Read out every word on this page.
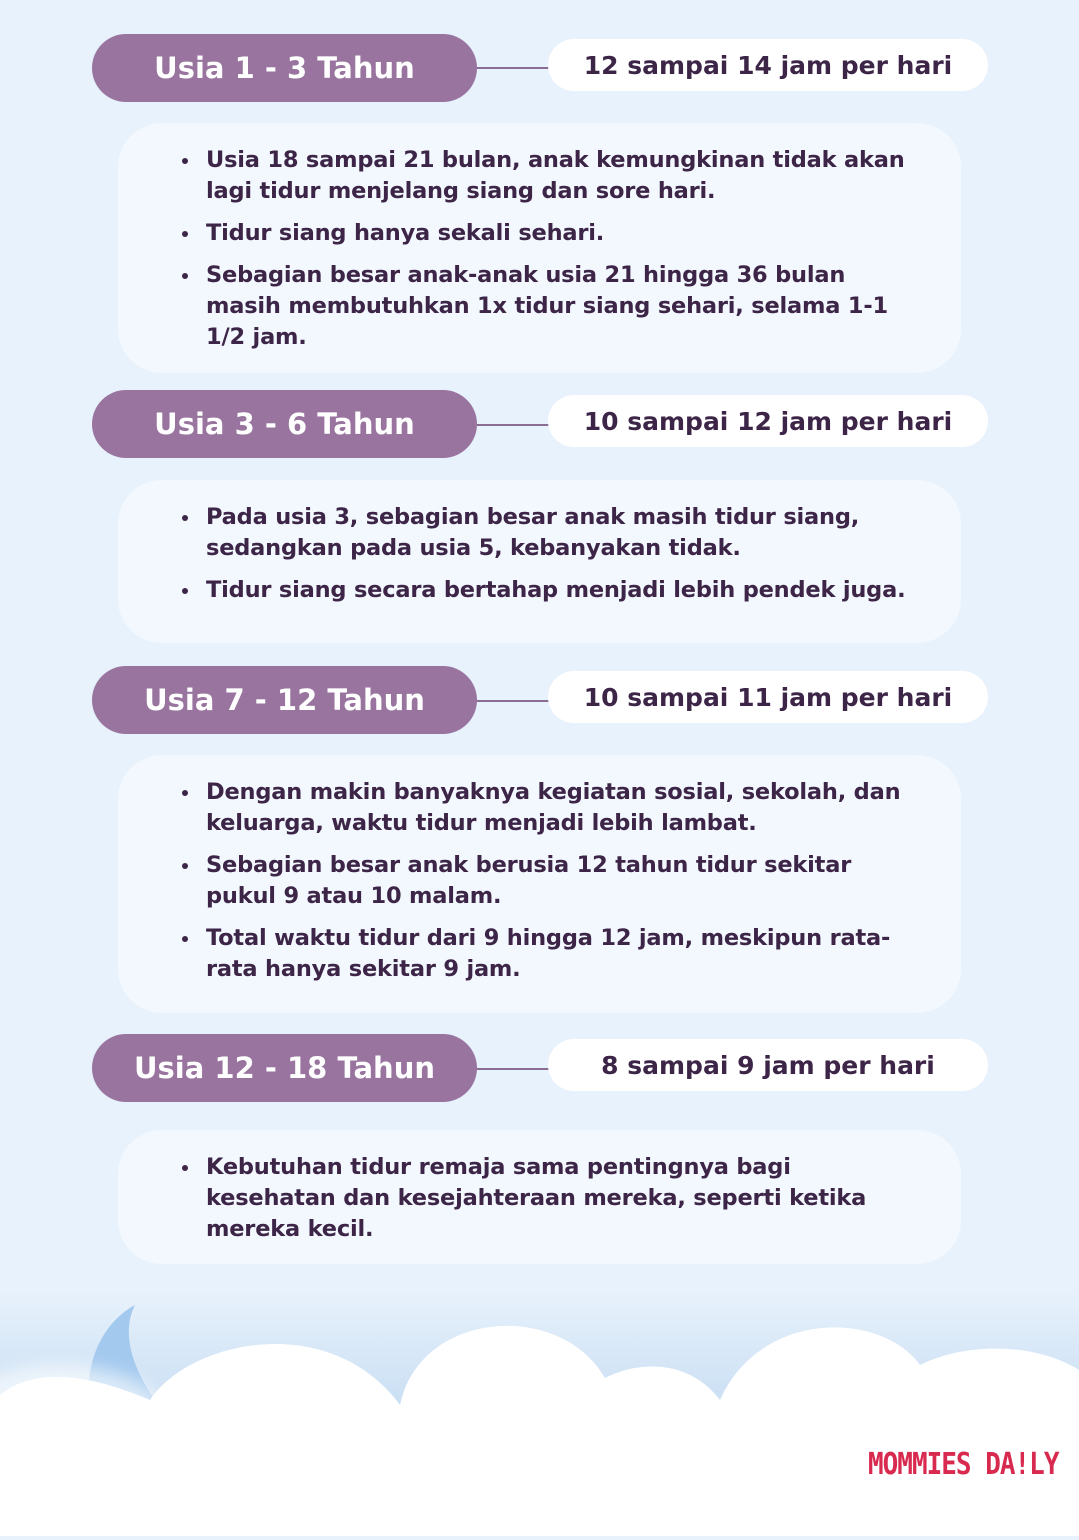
Usia 1 - 3 Tahun	12 sampai 14 jam per hari
Usia 18 sampai 21 bulan, anak kemungkinan tidak akan lagi tidur menjelang siang dan sore hari.
Tidur siang hanya sekali sehari.
Sebagian besar anak-anak usia 21 hingga 36 bulan masih membutuhkan 1x tidur siang sehari, selama 1-1 1/2 jam.
Usia 3 - 6 Tahun	10 sampai 12 jam per hari
Pada usia 3, sebagian besar anak masih tidur siang, sedangkan pada usia 5, kebanyakan tidak.
Tidur siang secara bertahap menjadi lebih pendek juga.
Usia 7 - 12 Tahun	10 sampai 11 jam per hari
Dengan makin banyaknya kegiatan sosial, sekolah, dan keluarga, waktu tidur menjadi lebih lambat.
Sebagian besar anak berusia 12 tahun tidur sekitar pukul 9 atau 10 malam.
Total waktu tidur dari 9 hingga 12 jam, meskipun rata-rata hanya sekitar 9 jam.
Usia 12 - 18 Tahun	8 sampai 9 jam per hari
Kebutuhan tidur remaja sama pentingnya bagi kesehatan dan kesejahteraan mereka, seperti ketika mereka kecil.
MOMMIES DA!LY
